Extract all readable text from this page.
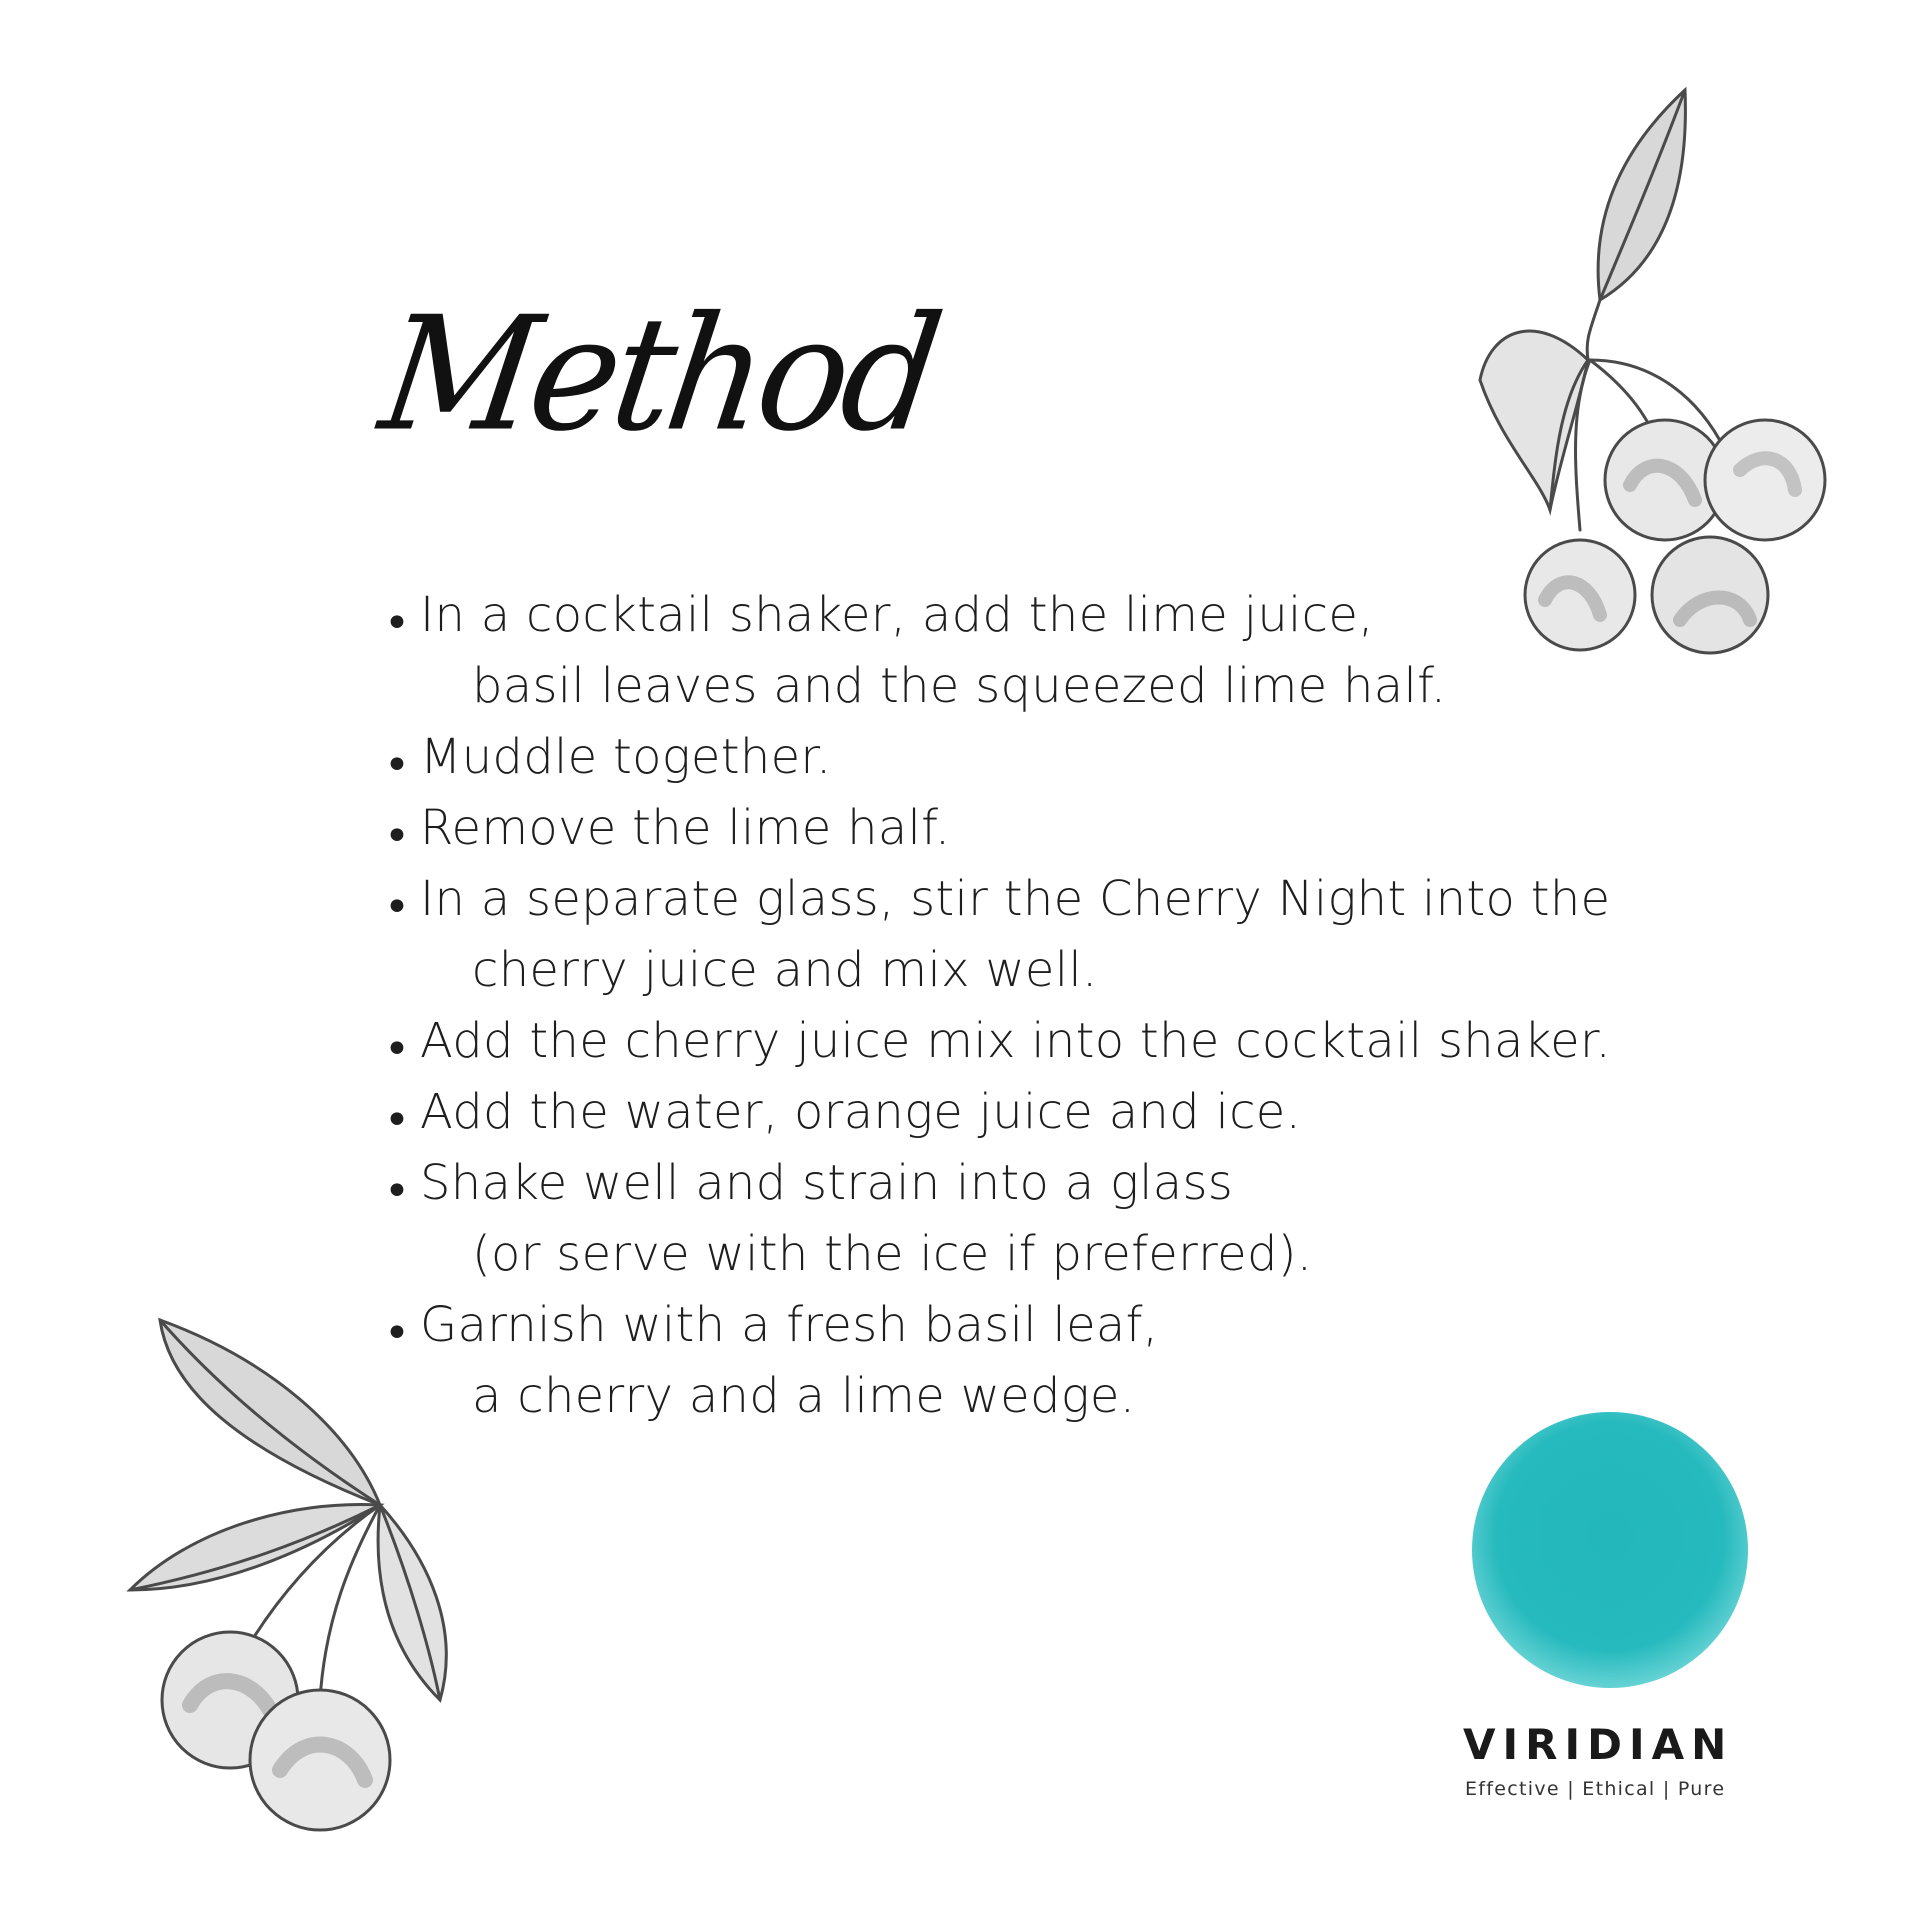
Method
• In a cocktail shaker, add the lime juice,
basil leaves and the squeezed lime half.
• Muddle together.
• Remove the lime half.
• In a separate glass, stir the Cherry Night into the
cherry juice and mix well.
• Add the cherry juice mix into the cocktail shaker.
• Add the water, orange juice and ice.
• Shake well and strain into a glass
(or serve with the ice if preferred).
• Garnish with a fresh basil leaf,
a cherry and a lime wedge.
VIRIDIAN
Effective | Ethical | Pure
